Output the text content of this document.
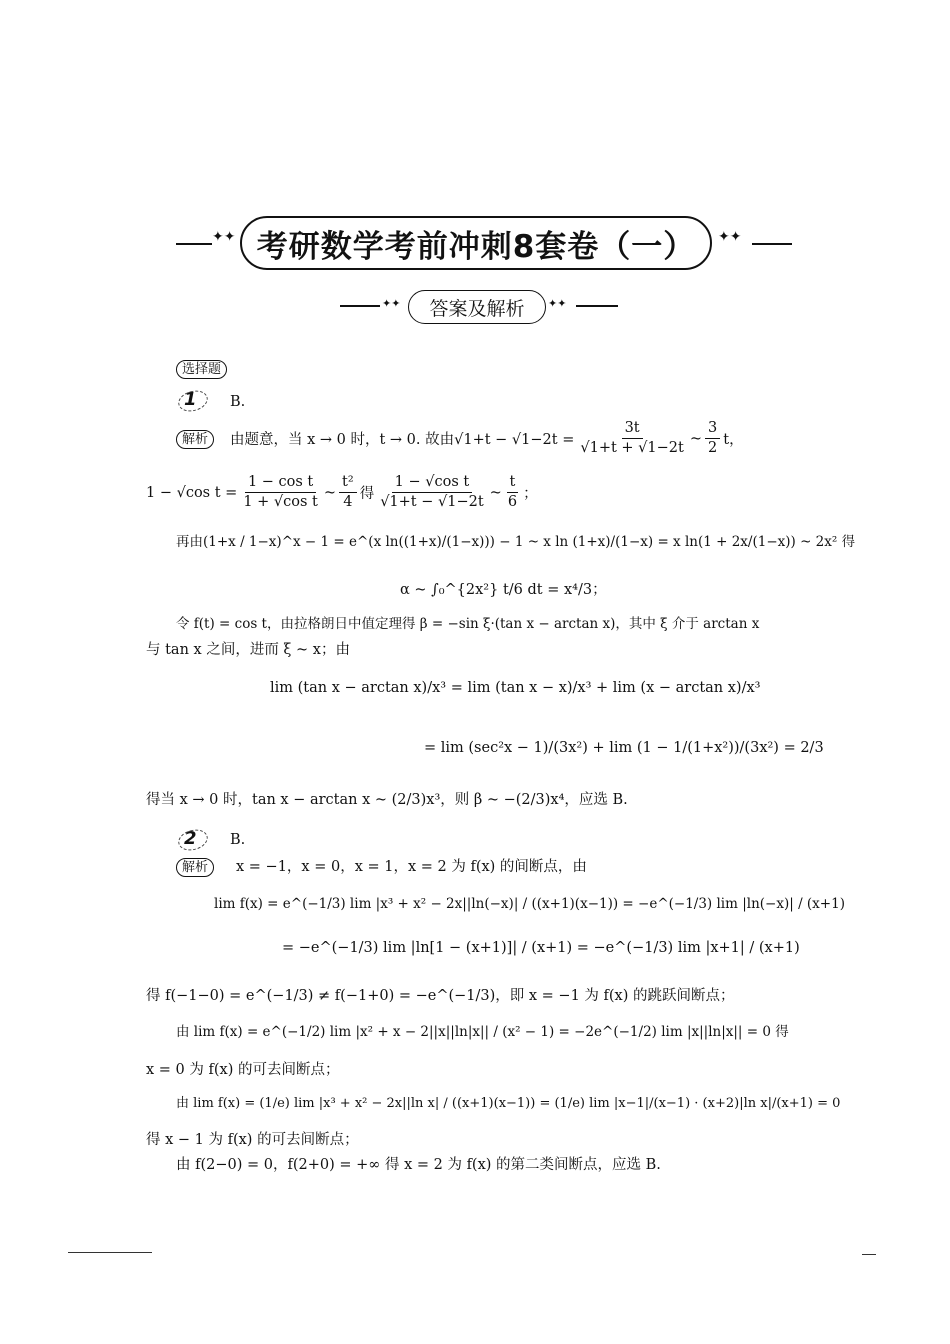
✦✦ 考研数学考前冲刺8套卷（一） ✦✦
✦✦ 答案及解析 ✦✦
选择题
1 B.
解析	由题意，当 x → 0 时，t → 0. 故由$√1+t - √1-2t = \frac{3t}{√1+t + √1-2t}$ ~ $\frac{3}{2}$ t，
1 − √cos $t = \frac{\text{1 − cos t}}{\text{1 + √cos t}}$ ~ $\frac{\text{t²}}{4}$ 得 $\frac{\text{1 − √cos t}}{√1+t - √1-2t}$ ~ $\frac{t}{6}$ ；
再由(1+x / 1−x)^x − 1 = e^(x ln((1+x)/(1−x))) − 1 ~ x ln (1+x)/(1−x) = x ln(1 + 2x/(1−x)) ~ 2x² 得
α ~ ∫₀^{2x²} t/6 dt = x⁴/3；
令 f(t) = cos t，由拉格朗日中值定理得 β = −sin ξ·(tan x − arctan x)，其中 ξ 介于 arctan x
与 tan x 之间，进而 ξ ~ x；由
lim (tan x − arctan x)/x³ = lim (tan x − x)/x³ + lim (x − arctan x)/x³
= lim (sec²x − 1)/(3x²) + lim (1 − 1/(1+x²))/(3x²) = 2/3
得当 x → 0 时，tan x − arctan x ~ (2/3)x³，则 β ~ −(2/3)x⁴，应选 B.
2 B.
解析	x = −1，x = 0，x = 1，x = 2 为 f(x) 的间断点，由
lim f(x) = e^(−1/3) lim |x³ + x² − 2x||ln(−x)| / ((x+1)(x−1)) = −e^(−1/3) lim |ln(−x)| / (x+1)
= −e^(−1/3) lim |ln[1 − (x+1)]| / (x+1) = −e^(−1/3) lim |x+1| / (x+1)
得 f(−1−0) = e^(−1/3) ≠ f(−1+0) = −e^(−1/3)，即 x = −1 为 f(x) 的跳跃间断点；
由 lim f(x) = e^(−1/2) lim |x² + x − 2||x||ln|x|| / (x² − 1) = −2e^(−1/2) lim |x||ln|x|| = 0 得
x = 0 为 f(x) 的可去间断点；
由 lim f(x) = (1/e) lim |x³ + x² − 2x||ln x| / ((x+1)(x−1)) = (1/e) lim |x−1|/(x−1) · (x+2)|ln x|/(x+1) = 0
得 x − 1 为 f(x) 的可去间断点；
由 f(2−0) = 0，f(2+0) = +∞ 得 x = 2 为 f(x) 的第二类间断点，应选 B.
